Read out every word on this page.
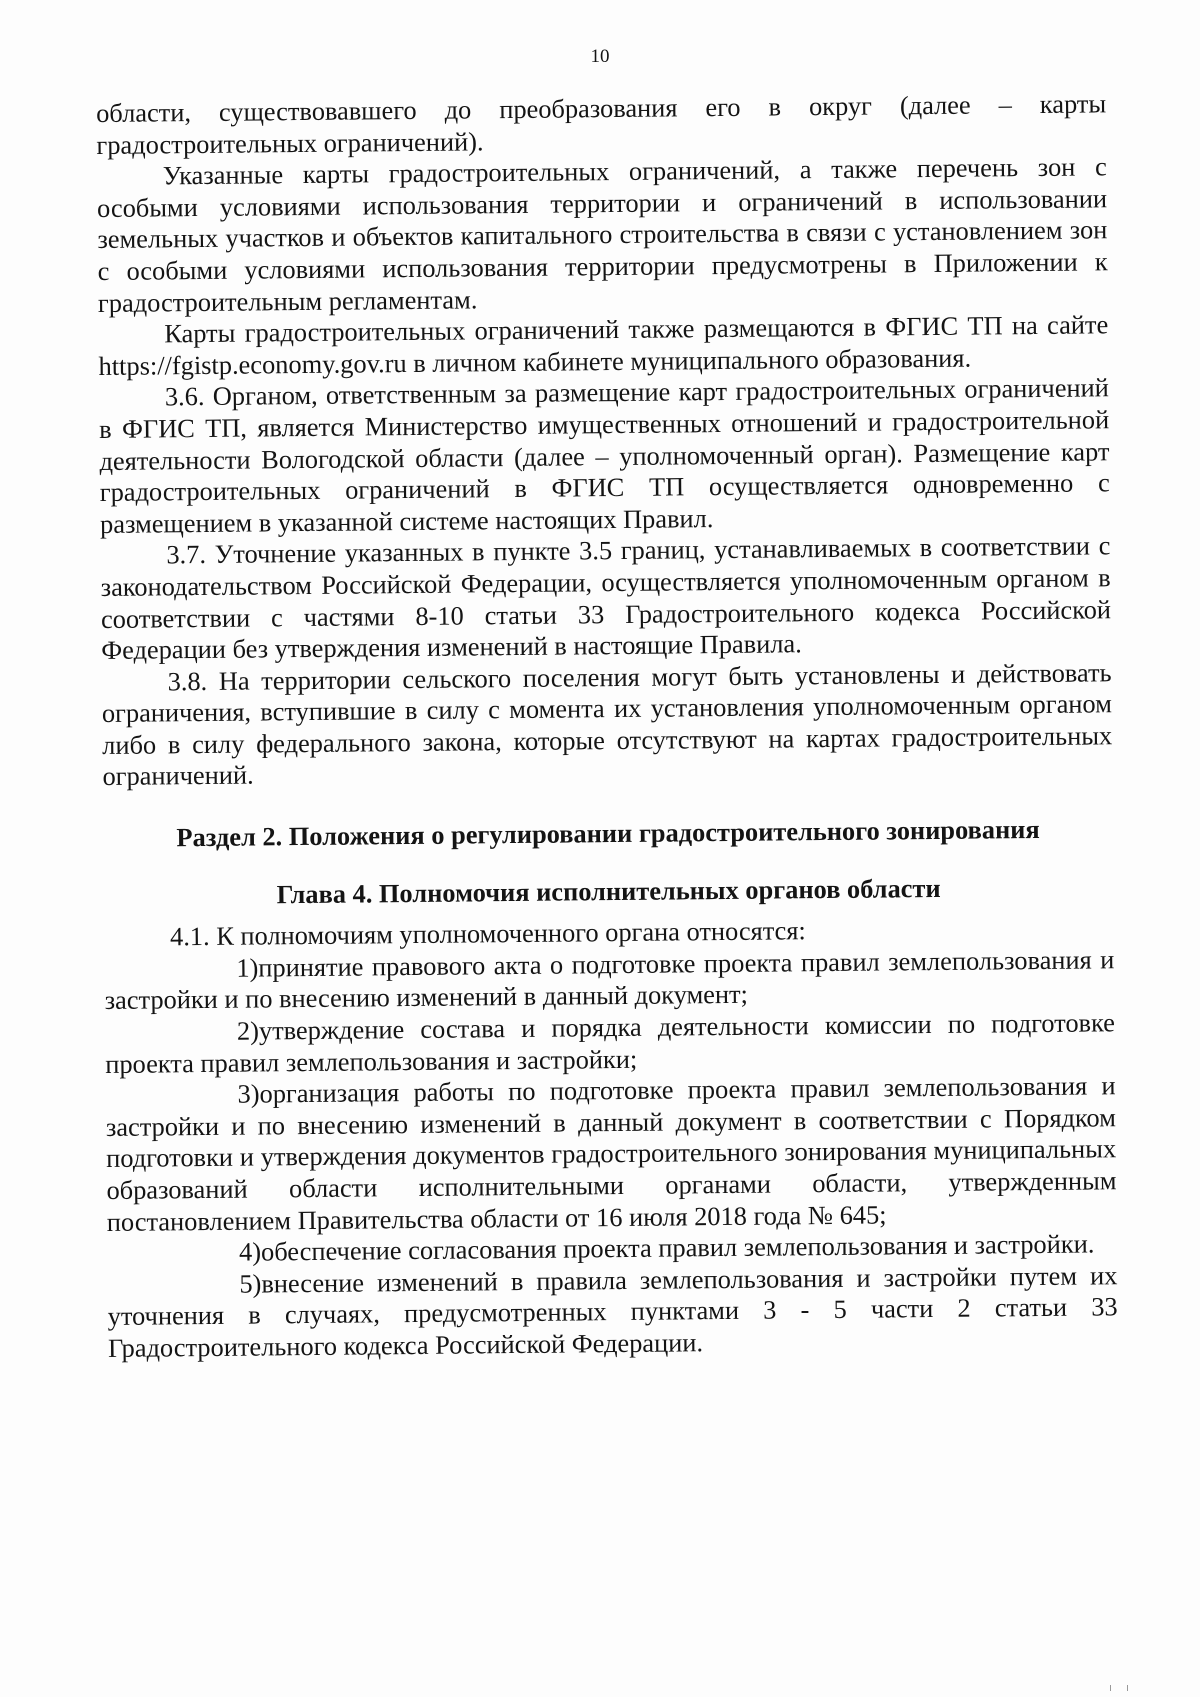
10

области, существовавшего до преобразования его в округ (далее – карты градостроительных ограничений).

Указанные карты градостроительных ограничений, а также перечень зон с особыми условиями использования территории и ограничений в использовании земельных участков и объектов капитального строительства в связи с установлением зон с особыми условиями использования территории предусмотрены в Приложении к градостроительным регламентам.

Карты градостроительных ограничений также размещаются в ФГИС ТП на сайте https://fgistp.economy.gov.ru в личном кабинете муниципального образования.

3.6. Органом, ответственным за размещение карт градостроительных ограничений в ФГИС ТП, является Министерство имущественных отношений и градостроительной деятельности Вологодской области (далее – уполномоченный орган). Размещение карт градостроительных ограничений в ФГИС ТП осуществляется одновременно с размещением в указанной системе настоящих Правил.

3.7. Уточнение указанных в пункте 3.5 границ, устанавливаемых в соответствии с законодательством Российской Федерации, осуществляется уполномоченным органом в соответствии с частями 8-10 статьи 33 Градостроительного кодекса Российской Федерации без утверждения изменений в настоящие Правила.

3.8. На территории сельского поселения могут быть установлены и действовать ограничения, вступившие в силу с момента их установления уполномоченным органом либо в силу федерального закона, которые отсутствуют на картах градостроительных ограничений.

Раздел 2. Положения о регулировании градостроительного зонирования

Глава 4. Полномочия исполнительных органов области

4.1. К полномочиям уполномоченного органа относятся:

1)принятие правового акта о подготовке проекта правил землепользования и застройки и по внесению изменений в данный документ;

2)утверждение состава и порядка деятельности комиссии по подготовке проекта правил землепользования и застройки;

3)организация работы по подготовке проекта правил землепользования и застройки и по внесению изменений в данный документ в соответствии с Порядком подготовки и утверждения документов градостроительного зонирования муниципальных образований области исполнительными органами области, утвержденным постановлением Правительства области от 16 июля 2018 года № 645;

4)обеспечение согласования проекта правил землепользования и застройки.

5)внесение изменений в правила землепользования и застройки путем их уточнения в случаях, предусмотренных пунктами 3 - 5 части 2 статьи 33 Градостроительного кодекса Российской Федерации.
